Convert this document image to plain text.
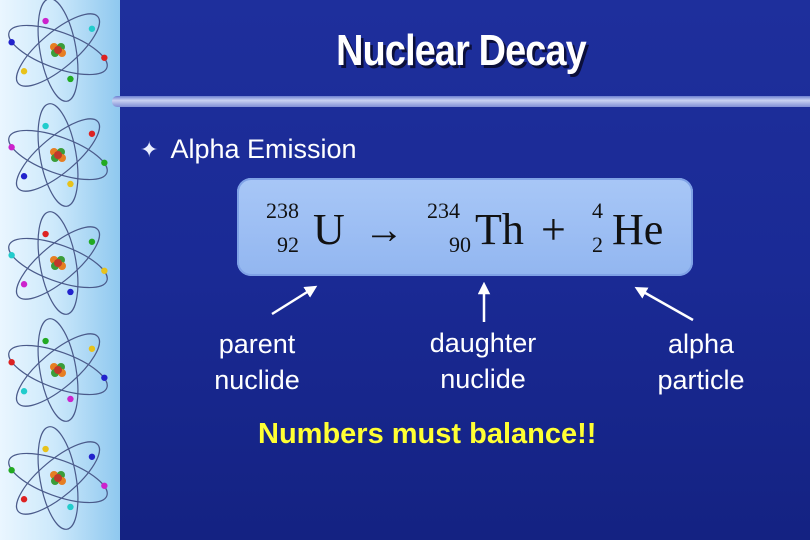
Nuclear Decay
✦ Alpha Emission
238
92 U → 234
90 Th + 4
2 He
parent
nuclide
daughter
nuclide
alpha
particle
Numbers must balance!!
